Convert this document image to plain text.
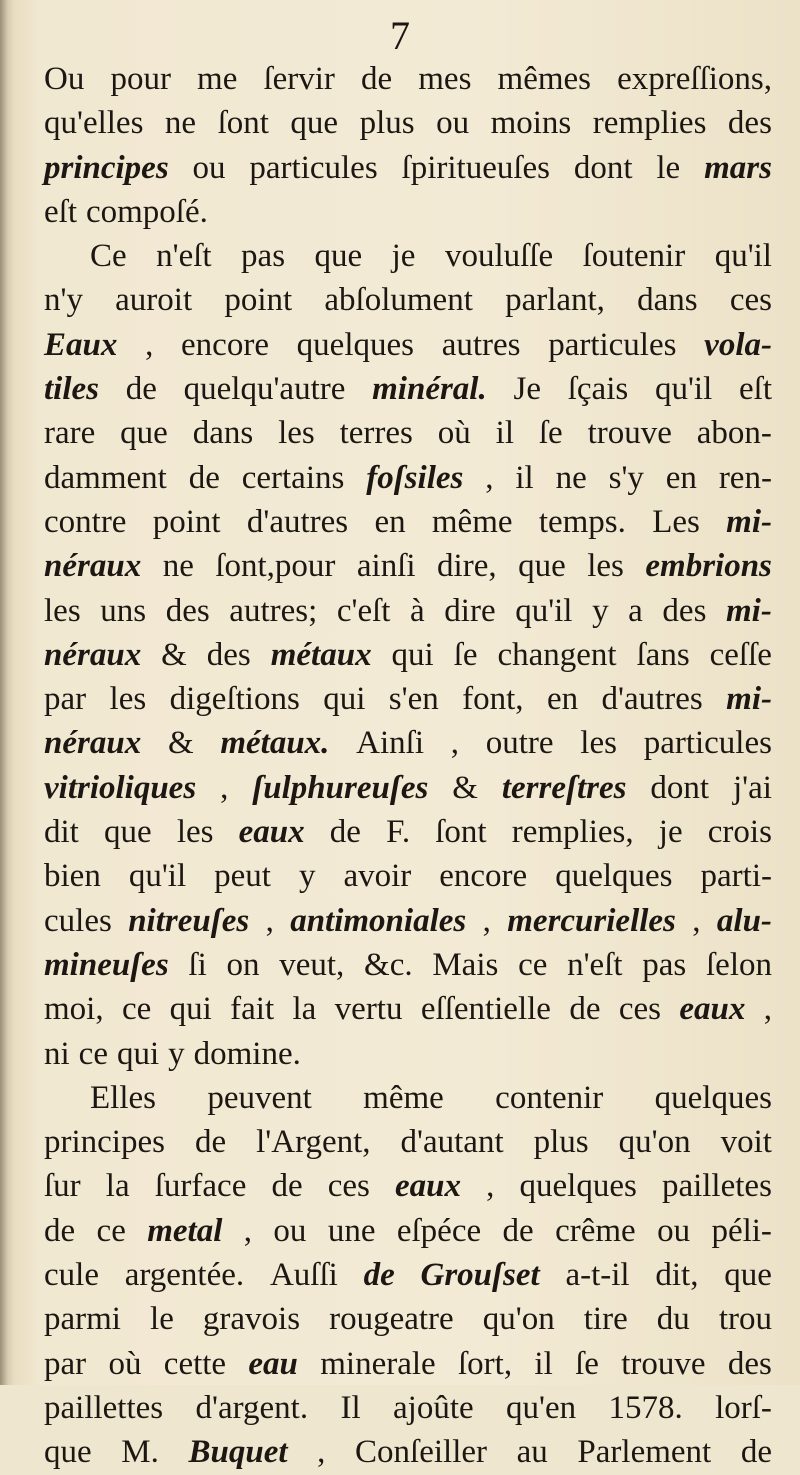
7
Ou pour me ſervir de mes mêmes expreſſions,
qu'elles ne ſont que plus ou moins remplies des
principes ou particules ſpiritueuſes dont le mars
eſt compoſé.
Ce n'eſt pas que je vouluſſe ſoutenir qu'il
n'y auroit point abſolument parlant, dans ces
Eaux , encore quelques autres particules vola-
tiles de quelqu'autre minéral. Je ſçais qu'il eſt
rare que dans les terres où il ſe trouve abon-
damment de certains foſsiles , il ne s'y en ren-
contre point d'autres en même temps. Les mi-
néraux ne ſont,pour ainſi dire, que les embrions
les uns des autres; c'eſt à dire qu'il y a des mi-
néraux & des métaux qui ſe changent ſans ceſſe
par les digeſtions qui s'en font, en d'autres mi-
néraux & métaux. Ainſi , outre les particules
vitrioliques , ſulphureuſes & terreſtres dont j'ai
dit que les eaux de F. ſont remplies, je crois
bien qu'il peut y avoir encore quelques parti-
cules nitreuſes , antimoniales , mercurielles , alu-
mineuſes ſi on veut, &c. Mais ce n'eſt pas ſelon
moi, ce qui fait la vertu eſſentielle de ces eaux ,
ni ce qui y domine.
Elles peuvent même contenir quelques
principes de l'Argent, d'autant plus qu'on voit
ſur la ſurface de ces eaux , quelques pailletes
de ce metal , ou une eſpéce de crême ou péli-
cule argentée. Auſſi de Grouſset a-t-il dit, que
parmi le gravois rougeatre qu'on tire du trou
par où cette eau minerale ſort, il ſe trouve des
paillettes d'argent. Il ajoûte qu'en 1578. lorſ-
que M. Buquet , Conſeiller au Parlement de
